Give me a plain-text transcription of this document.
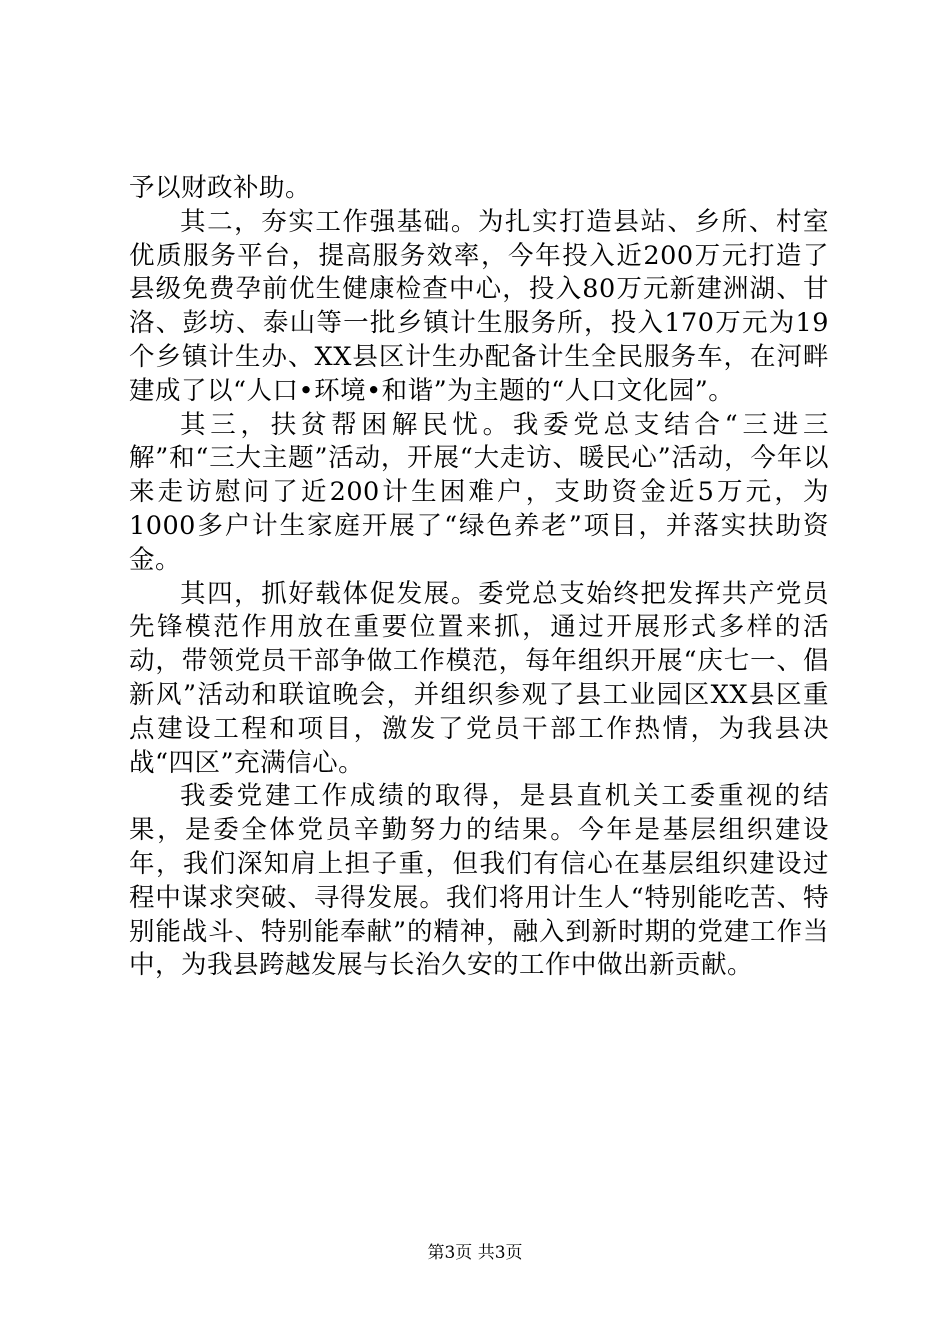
予以财政补助。

其二，夯实工作强基础。为扎实打造县站、乡所、村室优质服务平台，提高服务效率，今年投入近200万元打造了县级免费孕前优生健康检查中心，投入80万元新建洲湖、甘洛、彭坊、泰山等一批乡镇计生服务所，投入170万元为19个乡镇计生办、XX县区计生办配备计生全民服务车，在河畔建成了以“人口•环境•和谐”为主题的“人口文化园”。

其三，扶贫帮困解民忧。我委党总支结合“三进三解”和“三大主题”活动，开展“大走访、暖民心”活动，今年以来走访慰问了近200计生困难户，支助资金近5万元，为1000多户计生家庭开展了“绿色养老”项目，并落实扶助资金。

其四，抓好载体促发展。委党总支始终把发挥共产党员先锋模范作用放在重要位置来抓，通过开展形式多样的活动，带领党员干部争做工作模范，每年组织开展“庆七一、倡新风”活动和联谊晚会，并组织参观了县工业园区XX县区重点建设工程和项目，激发了党员干部工作热情，为我县决战“四区”充满信心。

我委党建工作成绩的取得，是县直机关工委重视的结果，是委全体党员辛勤努力的结果。今年是基层组织建设年，我们深知肩上担子重，但我们有信心在基层组织建设过程中谋求突破、寻得发展。我们将用计生人“特别能吃苦、特别能战斗、特别能奉献”的精神，融入到新时期的党建工作当中，为我县跨越发展与长治久安的工作中做出新贡献。

第3页 共3页
